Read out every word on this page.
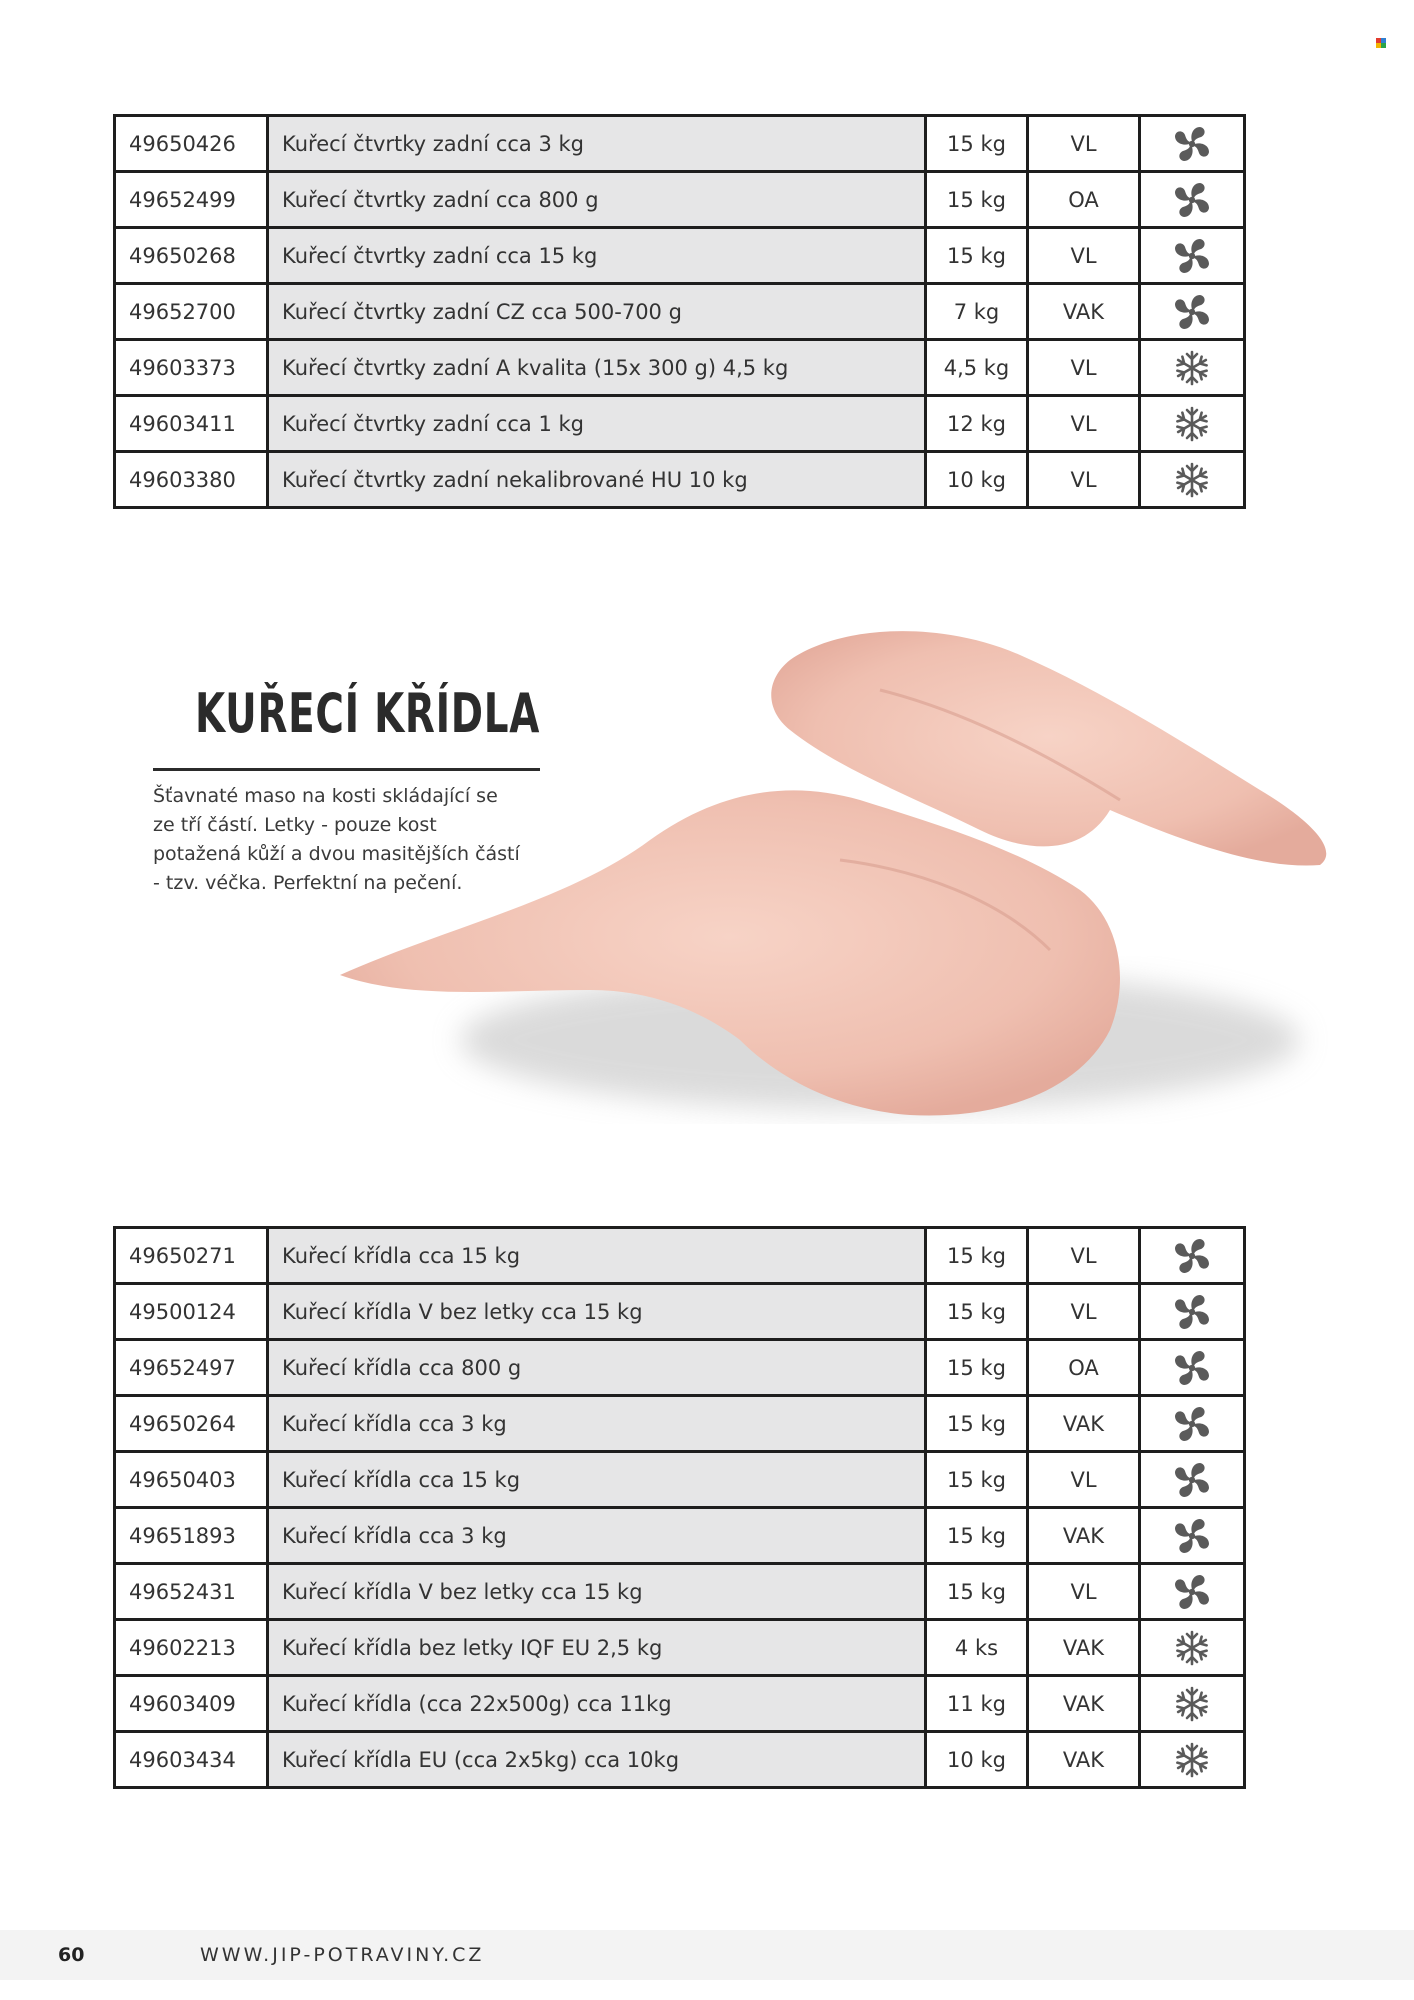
49650426	Kuřecí čtvrtky zadní cca 3 kg	15 kg	VL	

49652499	Kuřecí čtvrtky zadní cca 800 g	15 kg	OA	

49650268	Kuřecí čtvrtky zadní cca 15 kg	15 kg	VL	

49652700	Kuřecí čtvrtky zadní CZ cca 500-700 g	7 kg	VAK	

49603373	Kuřecí čtvrtky zadní A kvalita (15x 300 g) 4,5 kg	4,5 kg	VL	

49603411	Kuřecí čtvrtky zadní cca 1 kg	12 kg	VL	

49603380	Kuřecí čtvrtky zadní nekalibrované HU 10 kg	10 kg	VL	
KUŘECÍ KŘÍDLA
Šťavnaté maso na kosti skládající se ze tří částí. Letky - pouze kost potažená kůží a dvou masitějších částí - tzv. véčka. Perfektní na pečení.
49650271	Kuřecí křídla cca 15 kg	15 kg	VL	

49500124	Kuřecí křídla V bez letky cca 15 kg	15 kg	VL	

49652497	Kuřecí křídla cca 800 g	15 kg	OA	

49650264	Kuřecí křídla cca 3 kg	15 kg	VAK	

49650403	Kuřecí křídla cca 15 kg	15 kg	VL	

49651893	Kuřecí křídla cca 3 kg	15 kg	VAK	

49652431	Kuřecí křídla V bez letky cca 15 kg	15 kg	VL	

49602213	Kuřecí křídla bez letky IQF EU 2,5 kg	4 ks	VAK	

49603409	Kuřecí křídla (cca 22x500g) cca 11kg	11 kg	VAK	

49603434	Kuřecí křídla EU (cca 2x5kg) cca 10kg	10 kg	VAK	
60	WWW.JIP-POTRAVINY.CZ
